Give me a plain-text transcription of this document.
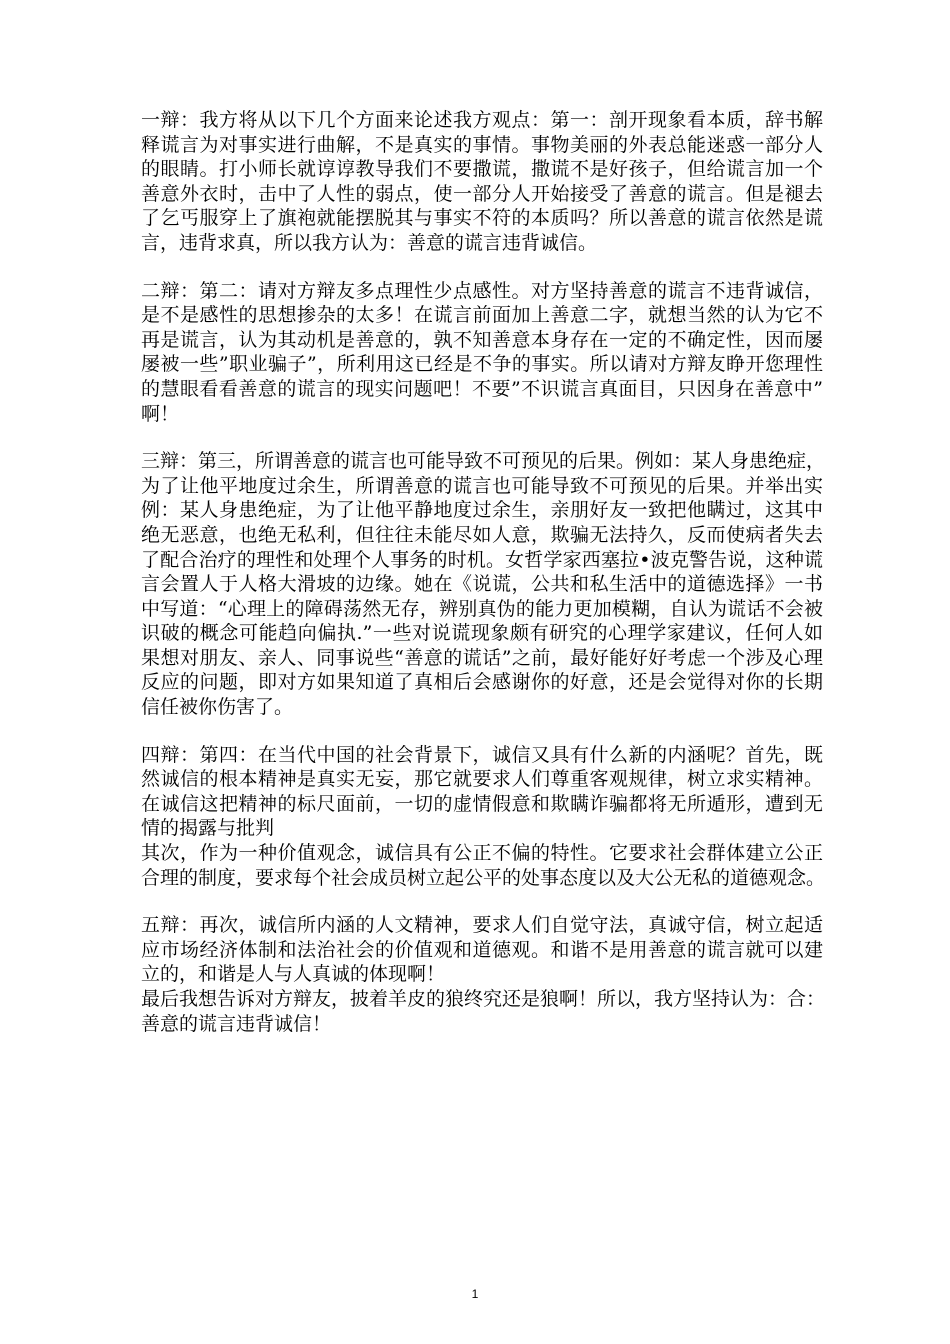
一辩：我方将从以下几个方面来论述我方观点：第一：剖开现象看本质，辞书解
释谎言为对事实进行曲解，不是真实的事情。事物美丽的外表总能迷惑一部分人
的眼睛。打小师长就谆谆教导我们不要撒谎，撒谎不是好孩子，但给谎言加一个
善意外衣时，击中了人性的弱点，使一部分人开始接受了善意的谎言。但是褪去
了乞丐服穿上了旗袍就能摆脱其与事实不符的本质吗？所以善意的谎言依然是谎
言，违背求真，所以我方认为：善意的谎言违背诚信。
二辩：第二：请对方辩友多点理性少点感性。对方坚持善意的谎言不违背诚信，
是不是感性的思想掺杂的太多！在谎言前面加上善意二字，就想当然的认为它不
再是谎言，认为其动机是善意的，孰不知善意本身存在一定的不确定性，因而屡
屡被一些”职业骗子”，所利用这已经是不争的事实。所以请对方辩友睁开您理性
的慧眼看看善意的谎言的现实问题吧！不要”不识谎言真面目，只因身在善意中”
啊！
三辩：第三，所谓善意的谎言也可能导致不可预见的后果。例如：某人身患绝症，
为了让他平地度过余生，所谓善意的谎言也可能导致不可预见的后果。并举出实
例：某人身患绝症，为了让他平静地度过余生，亲朋好友一致把他瞒过，这其中
绝无恶意，也绝无私利，但往往未能尽如人意，欺骗无法持久，反而使病者失去
了配合治疗的理性和处理个人事务的时机。女哲学家西塞拉•波克警告说，这种谎
言会置人于人格大滑坡的边缘。她在《说谎，公共和私生活中的道德选择》一书
中写道：“心理上的障碍荡然无存，辨别真伪的能力更加模糊，自认为谎话不会被
识破的概念可能趋向偏执.”一些对说谎现象颇有研究的心理学家建议，任何人如
果想对朋友、亲人、同事说些“善意的谎话”之前，最好能好好考虑一个涉及心理
反应的问题，即对方如果知道了真相后会感谢你的好意，还是会觉得对你的长期
信任被你伤害了。
四辩：第四：在当代中国的社会背景下，诚信又具有什么新的内涵呢？首先，既
然诚信的根本精神是真实无妄，那它就要求人们尊重客观规律，树立求实精神。
在诚信这把精神的标尺面前，一切的虚情假意和欺瞒诈骗都将无所遁形，遭到无
情的揭露与批判
其次，作为一种价值观念，诚信具有公正不偏的特性。它要求社会群体建立公正
合理的制度，要求每个社会成员树立起公平的处事态度以及大公无私的道德观念。
五辩：再次，诚信所内涵的人文精神，要求人们自觉守法，真诚守信，树立起适
应市场经济体制和法治社会的价值观和道德观。和谐不是用善意的谎言就可以建
立的，和谐是人与人真诚的体现啊！
最后我想告诉对方辩友，披着羊皮的狼终究还是狼啊！所以，我方坚持认为：合：
善意的谎言违背诚信！
1
